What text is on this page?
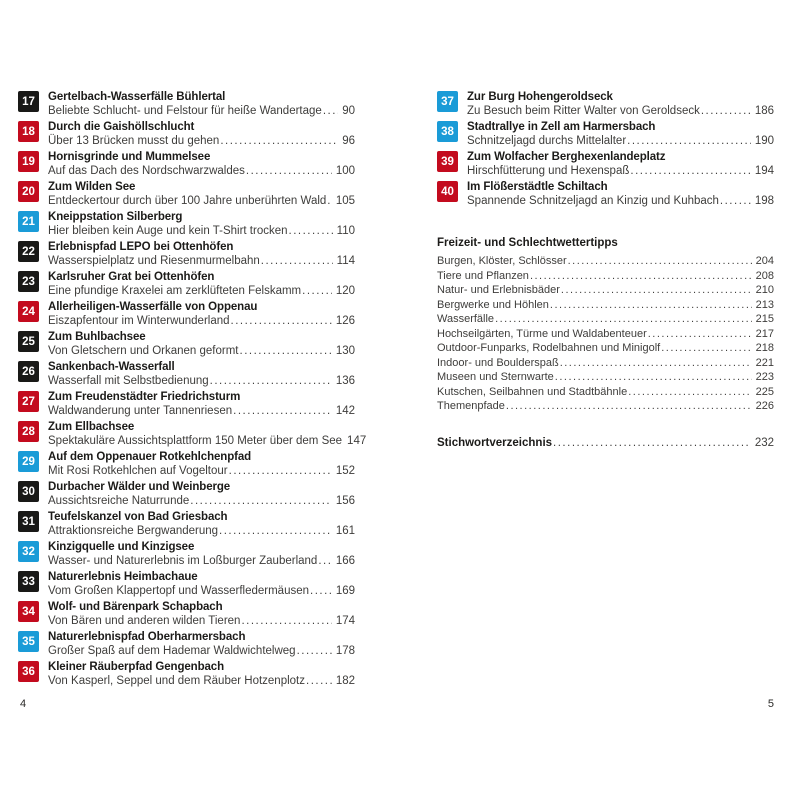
17	Gertelbach-Wasserfälle Bühlertal
Beliebte Schlucht- und Felstour für heiße Wandertage ..... 90
18	Durch die Gaishöllschlucht
Über 13 Brücken musst du gehen .....	96
19	Hornisgrinde und Mummelsee
Auf das Dach des Nordschwarzwaldes .....	100
20	Zum Wilden See
Entdeckertour durch über 100 Jahre unberührten Wald ..... 105
21	Kneippstation Silberberg
Hier bleiben kein Auge und kein T-Shirt trocken .....	110
22	Erlebnispfad LEPO bei Ottenhöfen
Wasserspielplatz und Riesenmurmelbahn .....	114
23	Karlsruher Grat bei Ottenhöfen
Eine pfundige Kraxelei am zerklüfteten Felskamm .....	120
24	Allerheiligen-Wasserfälle von Oppenau
Eiszapfentour im Winterwunderland .....	126
25	Zum Buhlbachsee
Von Gletschern und Orkanen geformt .....	130
26	Sankenbach-Wasserfall
Wasserfall mit Selbstbedienung .....	136
27	Zum Freudenstädter Friedrichsturm
Waldwanderung unter Tannenriesen .....	142
28	Zum Ellbachsee
Spektakuläre Aussichtsplattform 150 Meter über dem See 147
29	Auf dem Oppenauer Rotkehlchenpfad
Mit Rosi Rotkehlchen auf Vogeltour .....	152
30	Durbacher Wälder und Weinberge
Aussichtsreiche Naturrunde .....	156
31	Teufelskanzel von Bad Griesbach
Attraktionsreiche Bergwanderung .....	161
32	Kinzigquelle und Kinzigsee
Wasser- und Naturerlebnis im Loßburger Zauberland ..... 166
33	Naturerlebnis Heimbachaue
Vom Großen Klappertopf und Wasserfledermäusen ..... 169
34	Wolf- und Bärenpark Schapbach
Von Bären und anderen wilden Tieren .....	174
35	Naturerlebnispfad Oberharmersbach
Großer Spaß auf dem Hademar Waldwichtelweg .....	178
36	Kleiner Räuberpfad Gengenbach
Von Kasperl, Seppel und dem Räuber Hotzenplotz .....	182
37	Zur Burg Hohengeroldseck
Zu Besuch beim Ritter Walter von Geroldseck .....	186
38	Stadtrallye in Zell am Harmersbach
Schnitzeljagd durchs Mittelalter .....	190
39	Zum Wolfacher Berghexenlandeplatz
Hirschfütterung und Hexenspaß .....	194
40	Im Flößerstädtle Schiltach
Spannende Schnitzeljagd an Kinzig und Kuhbach .....	198
Freizeit- und Schlechtwettertipps
Burgen, Klöster, Schlösser .....	204
Tiere und Pflanzen .....	208
Natur- und Erlebnisbäder .....	210
Bergwerke und Höhlen .....	213
Wasserfälle .....	215
Hochseilgärten, Türme und Waldabenteuer .....	217
Outdoor-Funparks, Rodelbahnen und Minigolf .....	218
Indoor- und Boulderspaß .....	221
Museen und Sternwarte .....	223
Kutschen, Seilbahnen und Stadtbähnle .....	225
Themenpfade .....	226
Stichwortverzeichnis .....	232
4	5
